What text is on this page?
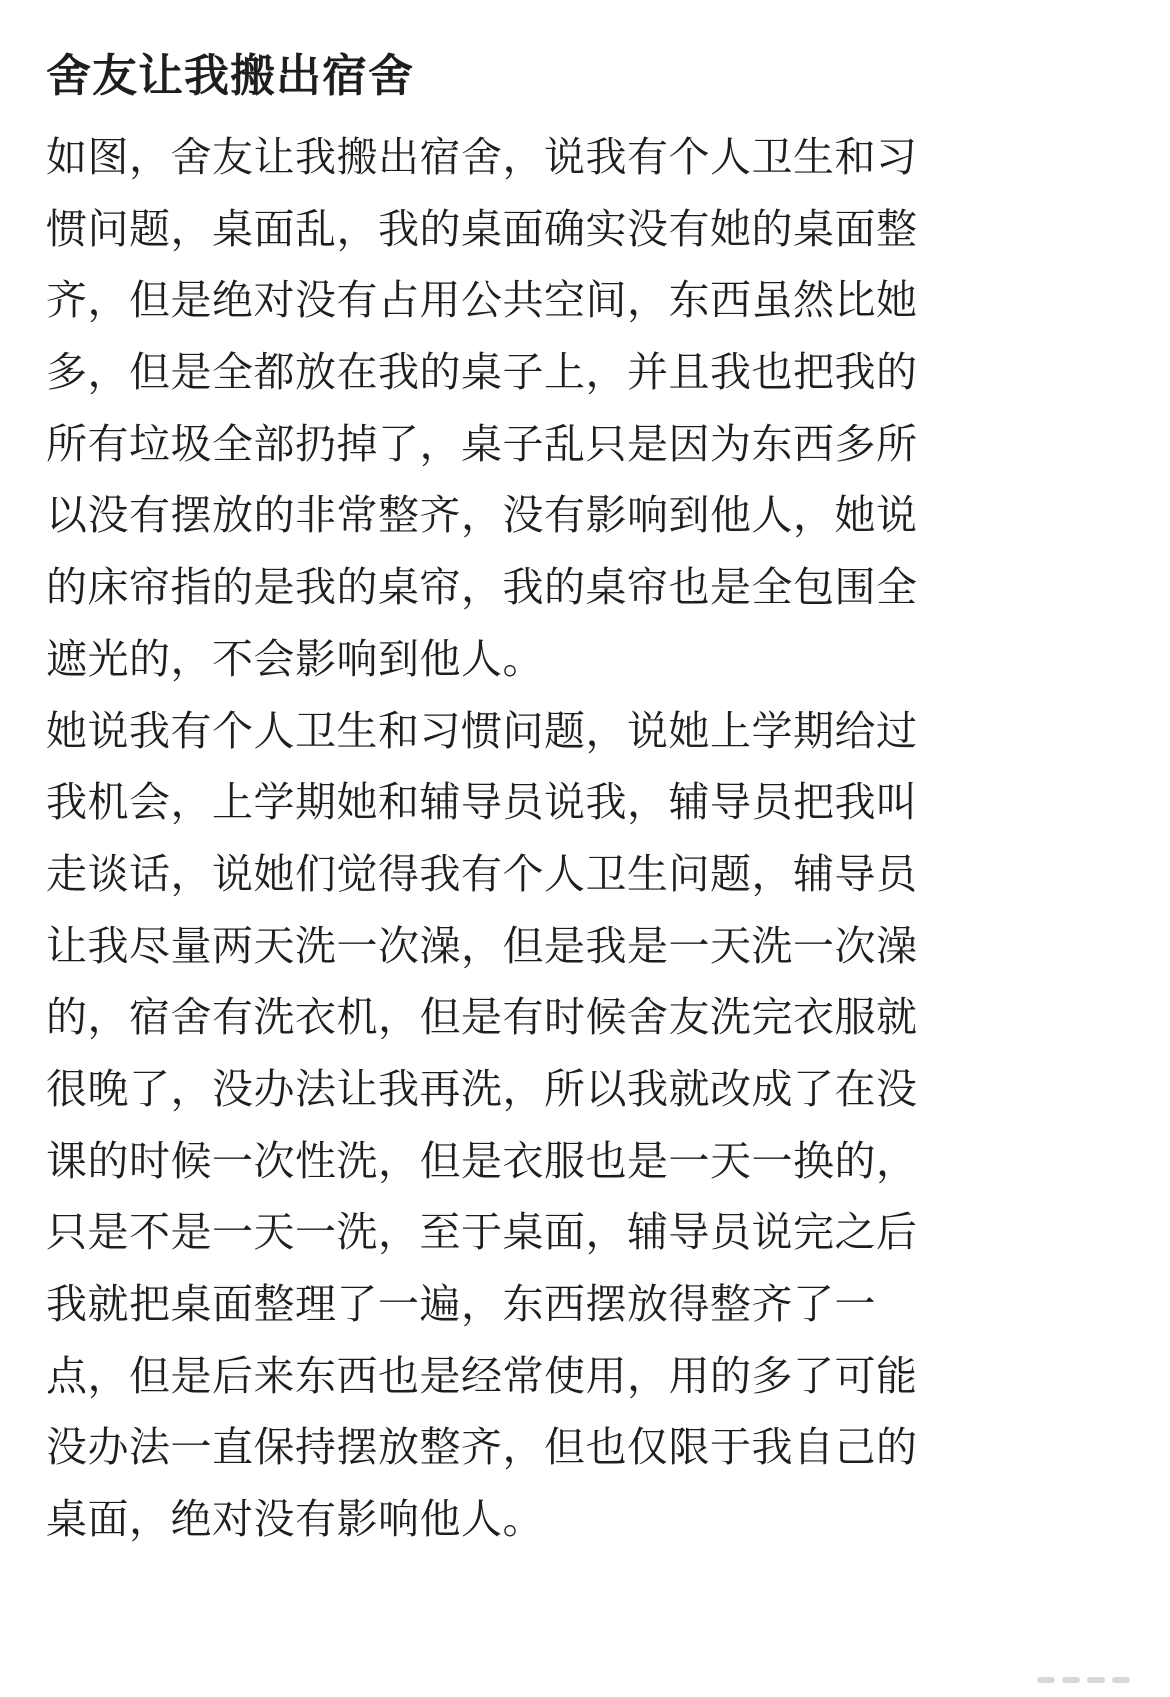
舍友让我搬出宿舍
如图，舍友让我搬出宿舍，说我有个人卫生和习
惯问题，桌面乱，我的桌面确实没有她的桌面整
齐，但是绝对没有占用公共空间，东西虽然比她
多，但是全都放在我的桌子上，并且我也把我的
所有垃圾全部扔掉了，桌子乱只是因为东西多所
以没有摆放的非常整齐，没有影响到他人，她说
的床帘指的是我的桌帘，我的桌帘也是全包围全
遮光的，不会影响到他人。
她说我有个人卫生和习惯问题，说她上学期给过
我机会，上学期她和辅导员说我，辅导员把我叫
走谈话，说她们觉得我有个人卫生问题，辅导员
让我尽量两天洗一次澡，但是我是一天洗一次澡
的，宿舍有洗衣机，但是有时候舍友洗完衣服就
很晚了，没办法让我再洗，所以我就改成了在没
课的时候一次性洗，但是衣服也是一天一换的，
只是不是一天一洗，至于桌面，辅导员说完之后
我就把桌面整理了一遍，东西摆放得整齐了一
点，但是后来东西也是经常使用，用的多了可能
没办法一直保持摆放整齐，但也仅限于我自己的
桌面，绝对没有影响他人。
